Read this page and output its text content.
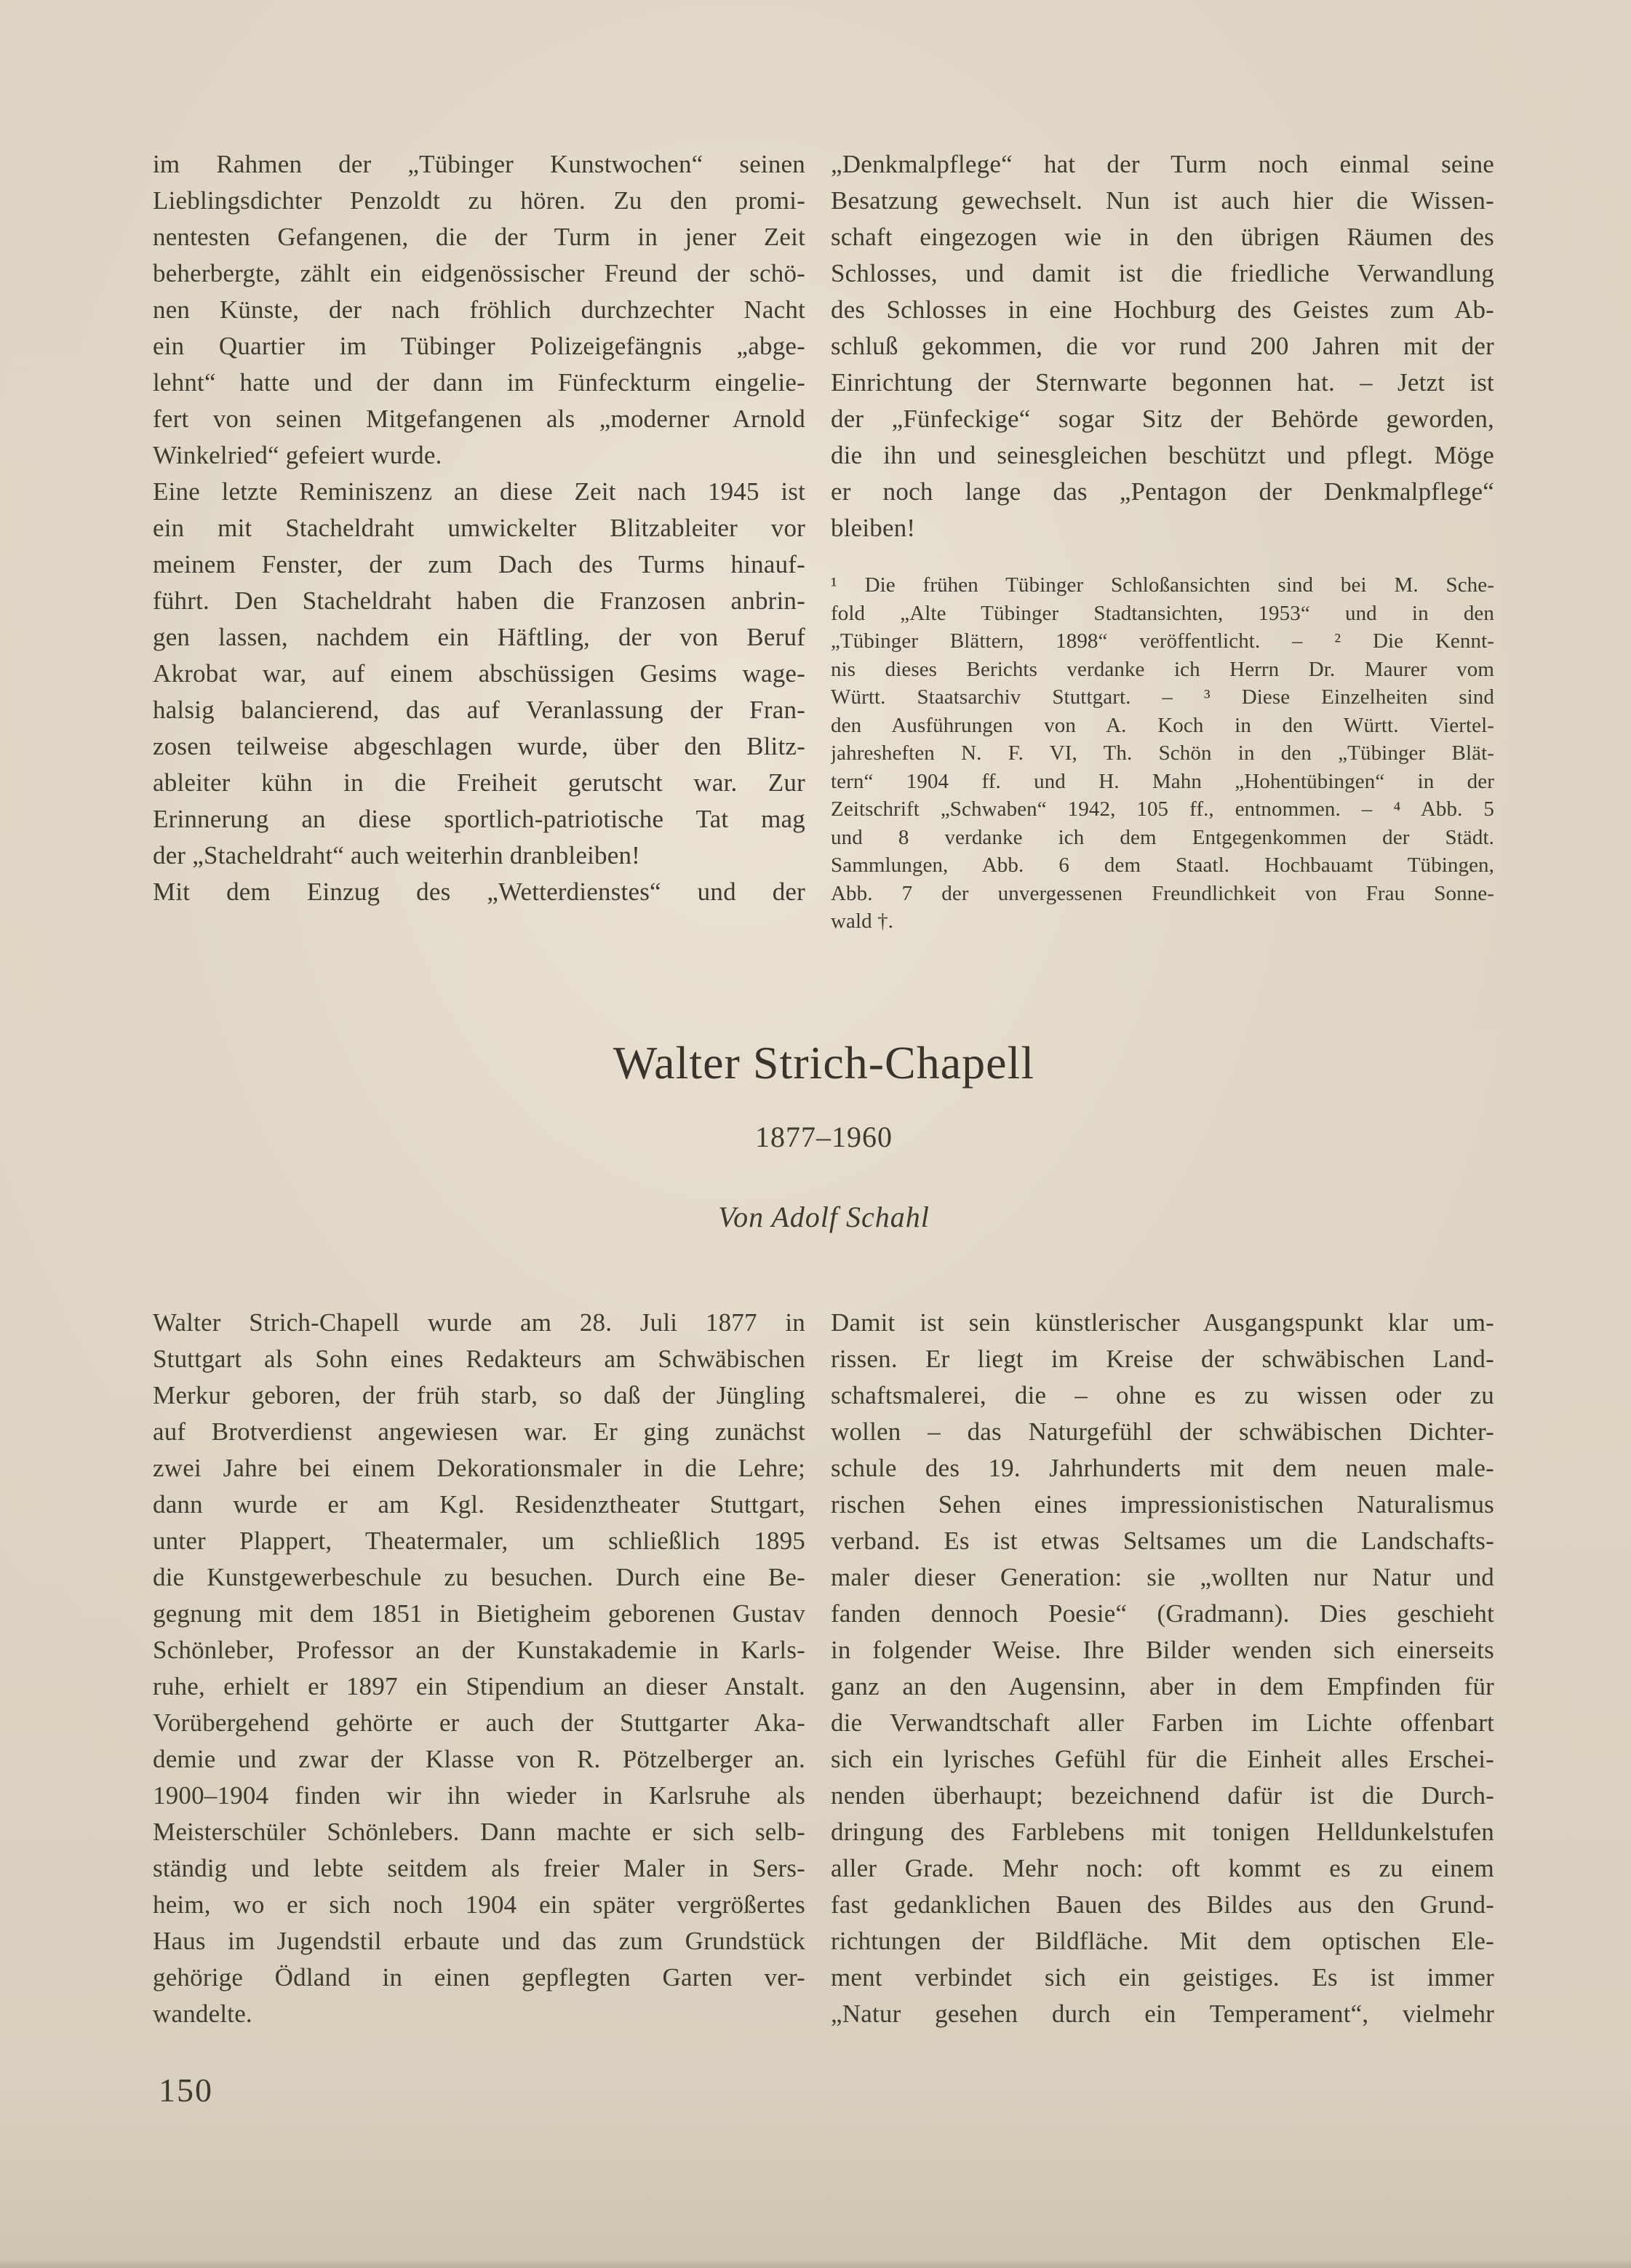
im Rahmen der „Tübinger Kunstwochen“ seinen
Lieblingsdichter Penzoldt zu hören. Zu den promi-
nentesten Gefangenen, die der Turm in jener Zeit
beherbergte, zählt ein eidgenössischer Freund der schö-
nen Künste, der nach fröhlich durchzechter Nacht
ein Quartier im Tübinger Polizeigefängnis „abge-
lehnt“ hatte und der dann im Fünfeckturm eingelie-
fert von seinen Mitgefangenen als „moderner Arnold
Winkelried“ gefeiert wurde.
Eine letzte Reminiszenz an diese Zeit nach 1945 ist
ein mit Stacheldraht umwickelter Blitzableiter vor
meinem Fenster, der zum Dach des Turms hinauf-
führt. Den Stacheldraht haben die Franzosen anbrin-
gen lassen, nachdem ein Häftling, der von Beruf
Akrobat war, auf einem abschüssigen Gesims wage-
halsig balancierend, das auf Veranlassung der Fran-
zosen teilweise abgeschlagen wurde, über den Blitz-
ableiter kühn in die Freiheit gerutscht war. Zur
Erinnerung an diese sportlich-patriotische Tat mag
der „Stacheldraht“ auch weiterhin dranbleiben!
Mit dem Einzug des „Wetterdienstes“ und der
„Denkmalpflege“ hat der Turm noch einmal seine
Besatzung gewechselt. Nun ist auch hier die Wissen-
schaft eingezogen wie in den übrigen Räumen des
Schlosses, und damit ist die friedliche Verwandlung
des Schlosses in eine Hochburg des Geistes zum Ab-
schluß gekommen, die vor rund 200 Jahren mit der
Einrichtung der Sternwarte begonnen hat. – Jetzt ist
der „Fünfeckige“ sogar Sitz der Behörde geworden,
die ihn und seinesgleichen beschützt und pflegt. Möge
er noch lange das „Pentagon der Denkmalpflege“
bleiben!
¹ Die frühen Tübinger Schloßansichten sind bei M. Sche-
fold „Alte Tübinger Stadtansichten, 1953“ und in den
„Tübinger Blättern, 1898“ veröffentlicht. – ² Die Kennt-
nis dieses Berichts verdanke ich Herrn Dr. Maurer vom
Württ. Staatsarchiv Stuttgart. – ³ Diese Einzelheiten sind
den Ausführungen von A. Koch in den Württ. Viertel-
jahresheften N. F. VI, Th. Schön in den „Tübinger Blät-
tern“ 1904 ff. und H. Mahn „Hohentübingen“ in der
Zeitschrift „Schwaben“ 1942, 105 ff., entnommen. – ⁴ Abb. 5
und 8 verdanke ich dem Entgegenkommen der Städt.
Sammlungen, Abb. 6 dem Staatl. Hochbauamt Tübingen,
Abb. 7 der unvergessenen Freundlichkeit von Frau Sonne-
wald †.
Walter Strich-Chapell
1877–1960
Von Adolf Schahl
Walter Strich-Chapell wurde am 28. Juli 1877 in
Stuttgart als Sohn eines Redakteurs am Schwäbischen
Merkur geboren, der früh starb, so daß der Jüngling
auf Brotverdienst angewiesen war. Er ging zunächst
zwei Jahre bei einem Dekorationsmaler in die Lehre;
dann wurde er am Kgl. Residenztheater Stuttgart,
unter Plappert, Theatermaler, um schließlich 1895
die Kunstgewerbeschule zu besuchen. Durch eine Be-
gegnung mit dem 1851 in Bietigheim geborenen Gustav
Schönleber, Professor an der Kunstakademie in Karls-
ruhe, erhielt er 1897 ein Stipendium an dieser Anstalt.
Vorübergehend gehörte er auch der Stuttgarter Aka-
demie und zwar der Klasse von R. Pötzelberger an.
1900–1904 finden wir ihn wieder in Karlsruhe als
Meisterschüler Schönlebers. Dann machte er sich selb-
ständig und lebte seitdem als freier Maler in Sers-
heim, wo er sich noch 1904 ein später vergrößertes
Haus im Jugendstil erbaute und das zum Grundstück
gehörige Ödland in einen gepflegten Garten ver-
wandelte.
Damit ist sein künstlerischer Ausgangspunkt klar um-
rissen. Er liegt im Kreise der schwäbischen Land-
schaftsmalerei, die – ohne es zu wissen oder zu
wollen – das Naturgefühl der schwäbischen Dichter-
schule des 19. Jahrhunderts mit dem neuen male-
rischen Sehen eines impressionistischen Naturalismus
verband. Es ist etwas Seltsames um die Landschafts-
maler dieser Generation: sie „wollten nur Natur und
fanden dennoch Poesie“ (Gradmann). Dies geschieht
in folgender Weise. Ihre Bilder wenden sich einerseits
ganz an den Augensinn, aber in dem Empfinden für
die Verwandtschaft aller Farben im Lichte offenbart
sich ein lyrisches Gefühl für die Einheit alles Erschei-
nenden überhaupt; bezeichnend dafür ist die Durch-
dringung des Farblebens mit tonigen Helldunkelstufen
aller Grade. Mehr noch: oft kommt es zu einem
fast gedanklichen Bauen des Bildes aus den Grund-
richtungen der Bildfläche. Mit dem optischen Ele-
ment verbindet sich ein geistiges. Es ist immer
„Natur gesehen durch ein Temperament“, vielmehr
150
